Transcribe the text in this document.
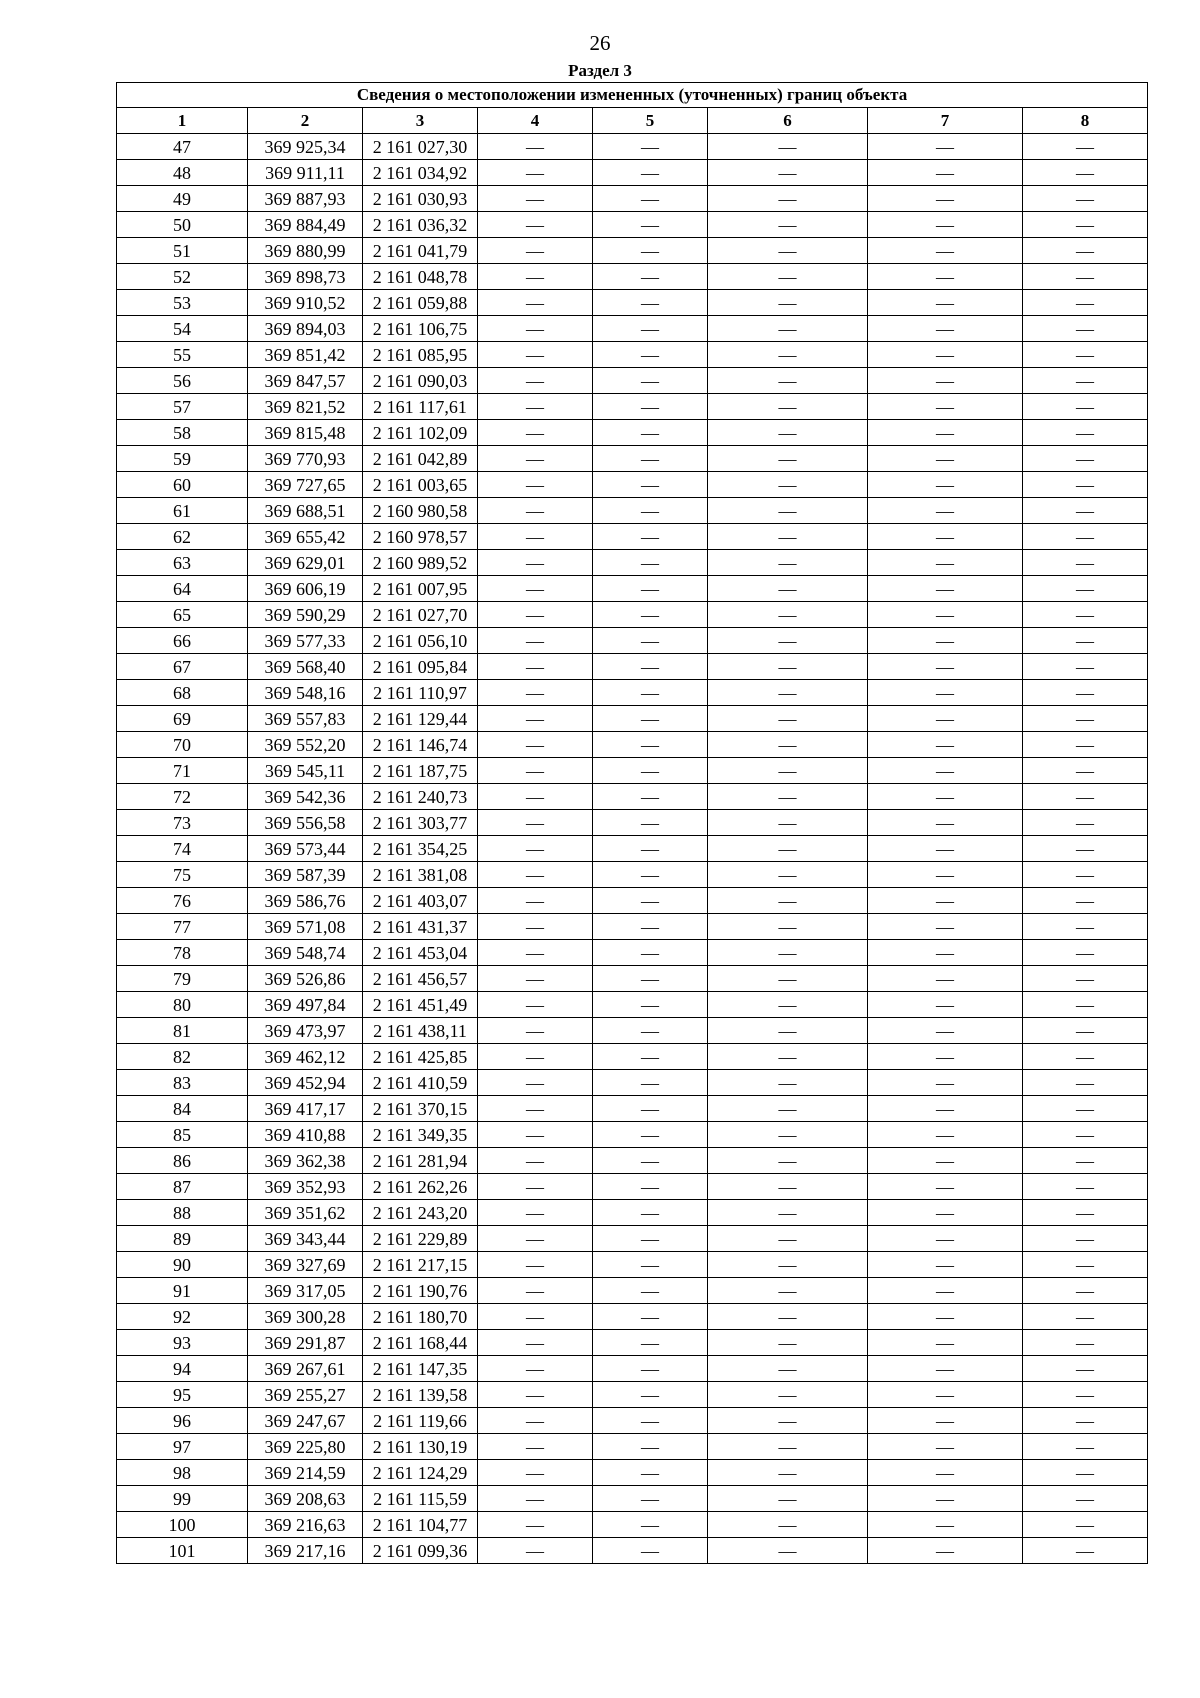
26
Раздел 3
Сведения о местоположении измененных (уточненных) границ объекта							
1	2	3	4	5	6	7	8
47	369 925,34	2 161 027,30	—	—	—	—	—
48	369 911,11	2 161 034,92	—	—	—	—	—
49	369 887,93	2 161 030,93	—	—	—	—	—
50	369 884,49	2 161 036,32	—	—	—	—	—
51	369 880,99	2 161 041,79	—	—	—	—	—
52	369 898,73	2 161 048,78	—	—	—	—	—
53	369 910,52	2 161 059,88	—	—	—	—	—
54	369 894,03	2 161 106,75	—	—	—	—	—
55	369 851,42	2 161 085,95	—	—	—	—	—
56	369 847,57	2 161 090,03	—	—	—	—	—
57	369 821,52	2 161 117,61	—	—	—	—	—
58	369 815,48	2 161 102,09	—	—	—	—	—
59	369 770,93	2 161 042,89	—	—	—	—	—
60	369 727,65	2 161 003,65	—	—	—	—	—
61	369 688,51	2 160 980,58	—	—	—	—	—
62	369 655,42	2 160 978,57	—	—	—	—	—
63	369 629,01	2 160 989,52	—	—	—	—	—
64	369 606,19	2 161 007,95	—	—	—	—	—
65	369 590,29	2 161 027,70	—	—	—	—	—
66	369 577,33	2 161 056,10	—	—	—	—	—
67	369 568,40	2 161 095,84	—	—	—	—	—
68	369 548,16	2 161 110,97	—	—	—	—	—
69	369 557,83	2 161 129,44	—	—	—	—	—
70	369 552,20	2 161 146,74	—	—	—	—	—
71	369 545,11	2 161 187,75	—	—	—	—	—
72	369 542,36	2 161 240,73	—	—	—	—	—
73	369 556,58	2 161 303,77	—	—	—	—	—
74	369 573,44	2 161 354,25	—	—	—	—	—
75	369 587,39	2 161 381,08	—	—	—	—	—
76	369 586,76	2 161 403,07	—	—	—	—	—
77	369 571,08	2 161 431,37	—	—	—	—	—
78	369 548,74	2 161 453,04	—	—	—	—	—
79	369 526,86	2 161 456,57	—	—	—	—	—
80	369 497,84	2 161 451,49	—	—	—	—	—
81	369 473,97	2 161 438,11	—	—	—	—	—
82	369 462,12	2 161 425,85	—	—	—	—	—
83	369 452,94	2 161 410,59	—	—	—	—	—
84	369 417,17	2 161 370,15	—	—	—	—	—
85	369 410,88	2 161 349,35	—	—	—	—	—
86	369 362,38	2 161 281,94	—	—	—	—	—
87	369 352,93	2 161 262,26	—	—	—	—	—
88	369 351,62	2 161 243,20	—	—	—	—	—
89	369 343,44	2 161 229,89	—	—	—	—	—
90	369 327,69	2 161 217,15	—	—	—	—	—
91	369 317,05	2 161 190,76	—	—	—	—	—
92	369 300,28	2 161 180,70	—	—	—	—	—
93	369 291,87	2 161 168,44	—	—	—	—	—
94	369 267,61	2 161 147,35	—	—	—	—	—
95	369 255,27	2 161 139,58	—	—	—	—	—
96	369 247,67	2 161 119,66	—	—	—	—	—
97	369 225,80	2 161 130,19	—	—	—	—	—
98	369 214,59	2 161 124,29	—	—	—	—	—
99	369 208,63	2 161 115,59	—	—	—	—	—
100	369 216,63	2 161 104,77	—	—	—	—	—
101	369 217,16	2 161 099,36	—	—	—	—	—
